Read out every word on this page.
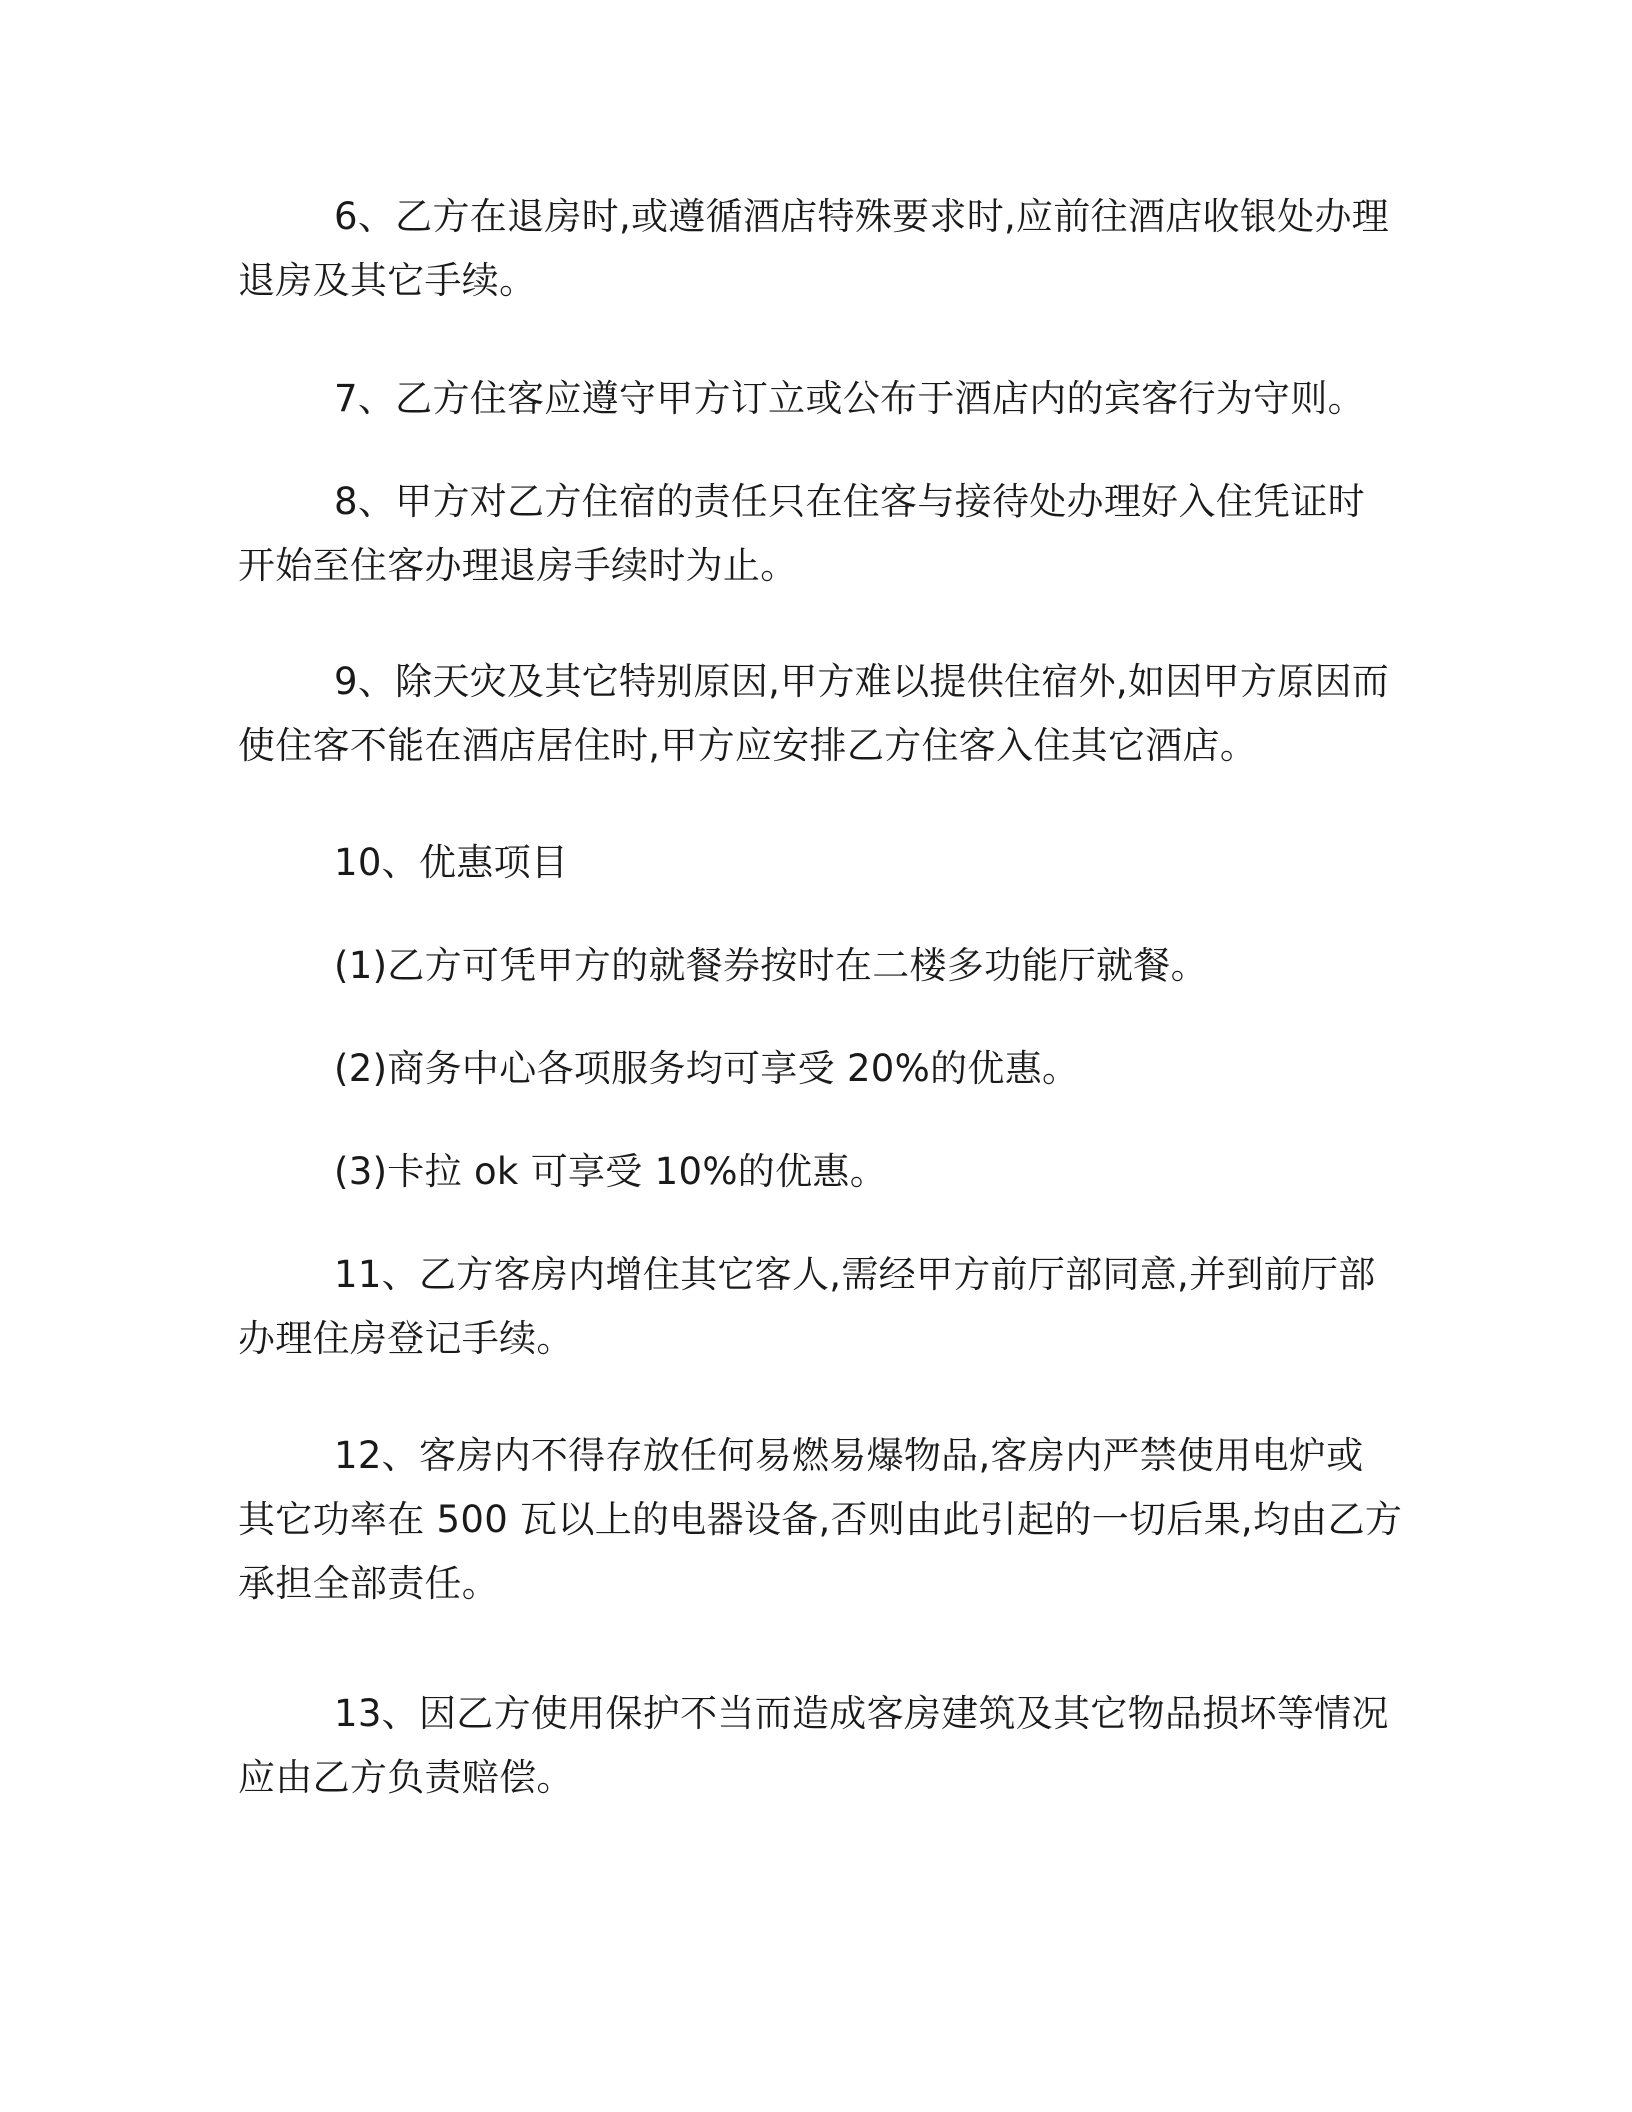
6、乙方在退房时,或遵循酒店特殊要求时,应前往酒店收银处办理
退房及其它手续。
7、乙方住客应遵守甲方订立或公布于酒店内的宾客行为守则。
8、甲方对乙方住宿的责任只在住客与接待处办理好入住凭证时
开始至住客办理退房手续时为止。
9、除天灾及其它特别原因,甲方难以提供住宿外,如因甲方原因而
使住客不能在酒店居住时,甲方应安排乙方住客入住其它酒店。
10、优惠项目
(1)乙方可凭甲方的就餐券按时在二楼多功能厅就餐。
(2)商务中心各项服务均可享受 20%的优惠。
(3)卡拉 ok 可享受 10%的优惠。
11、乙方客房内增住其它客人,需经甲方前厅部同意,并到前厅部
办理住房登记手续。
12、客房内不得存放任何易燃易爆物品,客房内严禁使用电炉或
其它功率在 500 瓦以上的电器设备,否则由此引起的一切后果,均由乙方
承担全部责任。
13、因乙方使用保护不当而造成客房建筑及其它物品损坏等情况
应由乙方负责赔偿。
